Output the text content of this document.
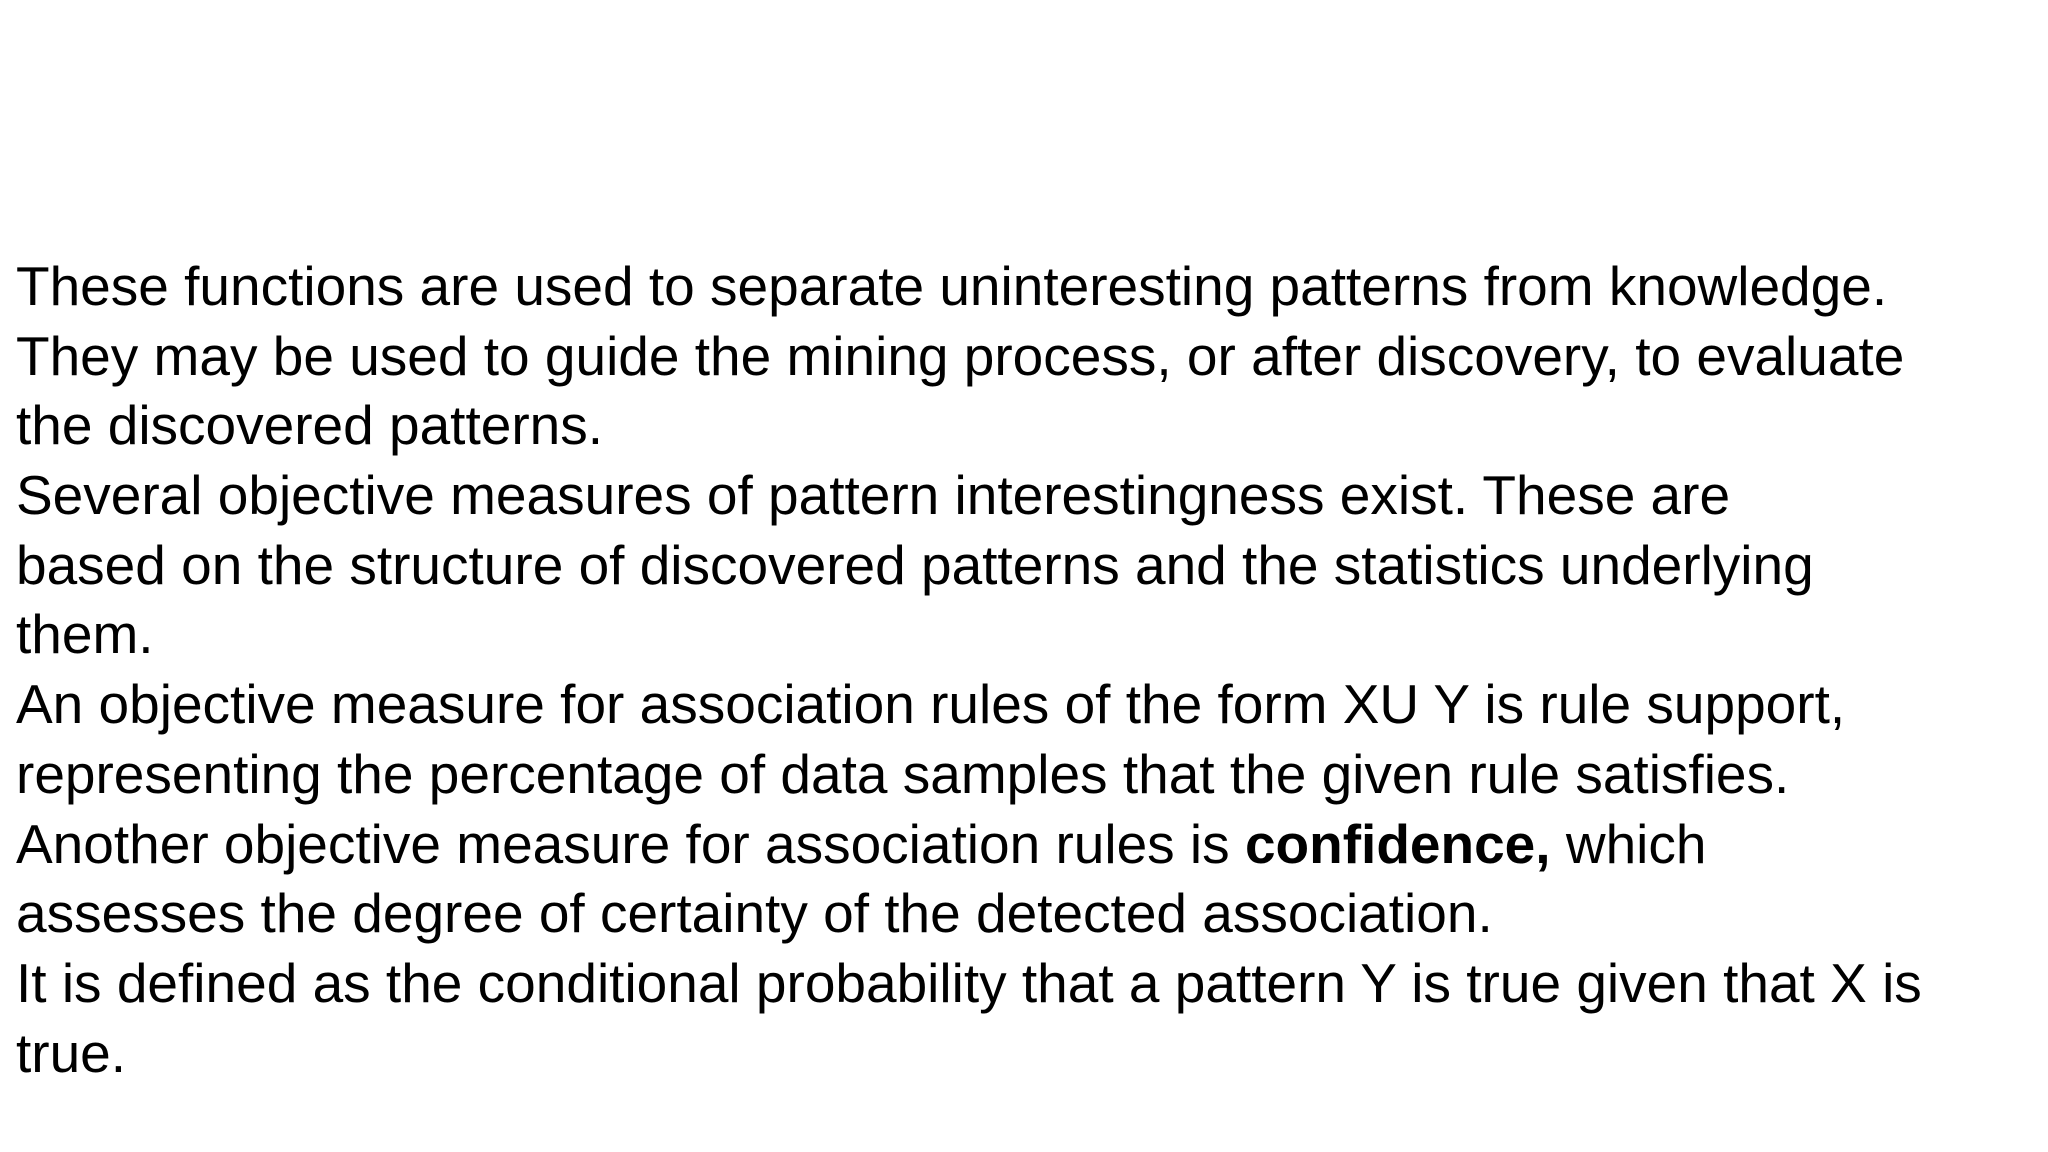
These functions are used to separate uninteresting patterns from knowledge.
They may be used to guide the mining process, or after discovery, to evaluate
the discovered patterns.
Several objective measures of pattern interestingness exist. These are
based on the structure of discovered patterns and the statistics underlying
them.
An objective measure for association rules of the form XU Y is rule support,
representing the percentage of data samples that the given rule satisfies.
Another objective measure for association rules is confidence, which
assesses the degree of certainty of the detected association.
It is defined as the conditional probability that a pattern Y is true given that X is
true.
